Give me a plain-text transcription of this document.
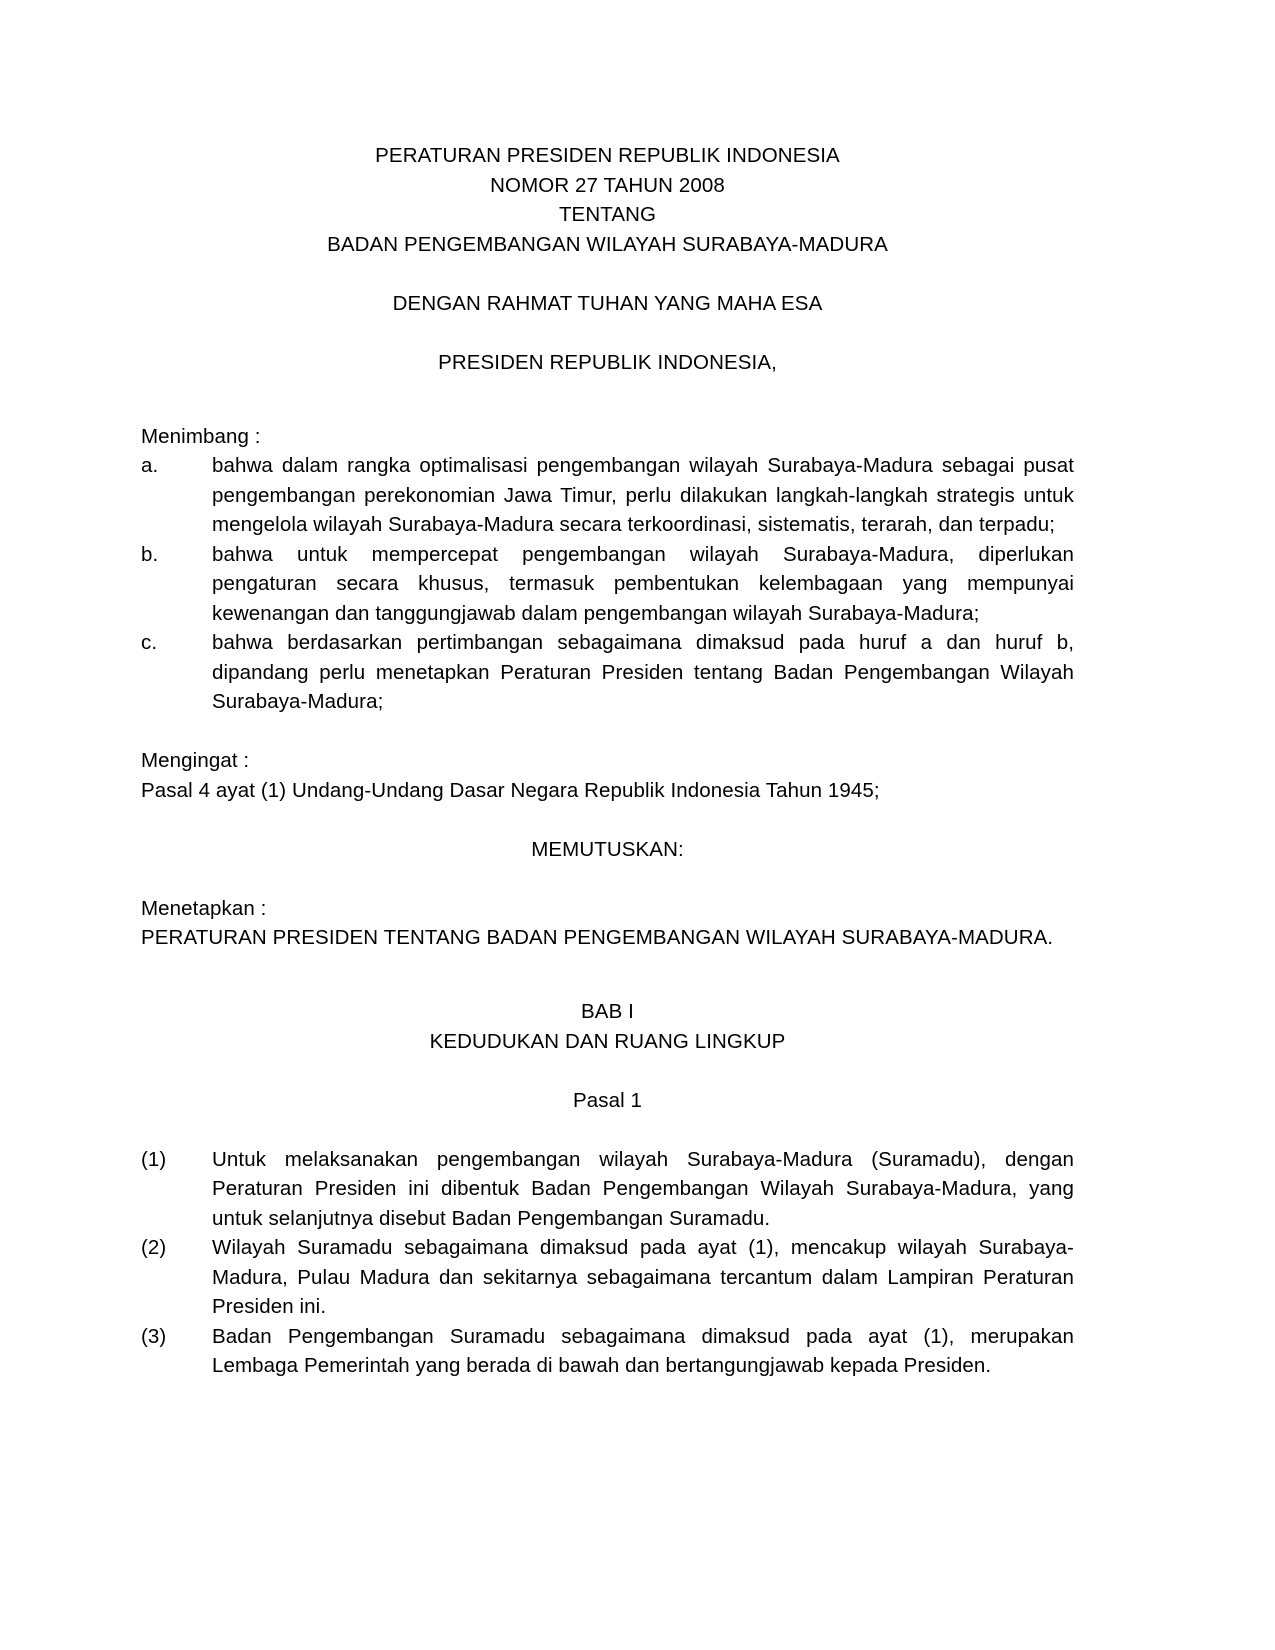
PERATURAN PRESIDEN REPUBLIK INDONESIA
NOMOR 27 TAHUN 2008
TENTANG
BADAN PENGEMBANGAN WILAYAH SURABAYA-MADURA
DENGAN RAHMAT TUHAN YANG MAHA ESA
PRESIDEN REPUBLIK INDONESIA,
Menimbang :
a.	bahwa dalam rangka optimalisasi pengembangan wilayah Surabaya-Madura sebagai pusat pengembangan perekonomian Jawa Timur, perlu dilakukan langkah-langkah strategis untuk mengelola wilayah Surabaya-Madura secara terkoordinasi, sistematis, terarah, dan terpadu;
b.	bahwa untuk mempercepat pengembangan wilayah Surabaya-Madura, diperlukan pengaturan secara khusus, termasuk pembentukan kelembagaan yang mempunyai kewenangan dan tanggungjawab dalam pengembangan wilayah Surabaya-Madura;
c.	bahwa berdasarkan pertimbangan sebagaimana dimaksud pada huruf a dan huruf b, dipandang perlu menetapkan Peraturan Presiden tentang Badan Pengembangan Wilayah Surabaya-Madura;
Mengingat :
Pasal 4 ayat (1) Undang-Undang Dasar Negara Republik Indonesia Tahun 1945;
MEMUTUSKAN:
Menetapkan :
PERATURAN PRESIDEN TENTANG BADAN PENGEMBANGAN WILAYAH SURABAYA-MADURA.
BAB I
KEDUDUKAN DAN RUANG LINGKUP
Pasal 1
(1)	Untuk melaksanakan pengembangan wilayah Surabaya-Madura (Suramadu), dengan Peraturan Presiden ini dibentuk Badan Pengembangan Wilayah Surabaya-Madura, yang untuk selanjutnya disebut Badan Pengembangan Suramadu.
(2)	Wilayah Suramadu sebagaimana dimaksud pada ayat (1), mencakup wilayah Surabaya-Madura, Pulau Madura dan sekitarnya sebagaimana tercantum dalam Lampiran Peraturan Presiden ini.
(3)	Badan Pengembangan Suramadu sebagaimana dimaksud pada ayat (1), merupakan Lembaga Pemerintah yang berada di bawah dan bertangungjawab kepada Presiden.
